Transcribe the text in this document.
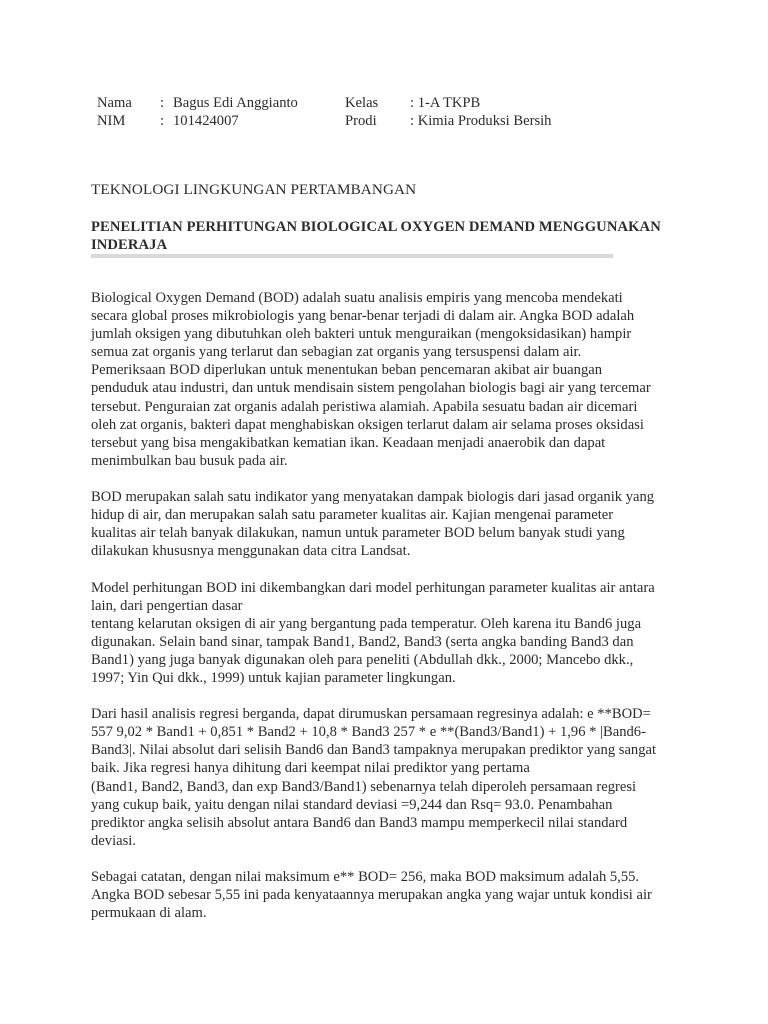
Nama : Bagus Edi Anggianto	Kelas : 1-A TKPB
NIM : 101424007	Prodi : Kimia Produksi Bersih
TEKNOLOGI LINGKUNGAN PERTAMBANGAN
PENELITIAN PERHITUNGAN BIOLOGICAL OXYGEN DEMAND MENGGUNAKAN
INDERAJA

Biological Oxygen Demand (BOD) adalah suatu analisis empiris yang mencoba mendekati
secara global proses mikrobiologis yang benar-benar terjadi di dalam air. Angka BOD adalah
jumlah oksigen yang dibutuhkan oleh bakteri untuk menguraikan (mengoksidasikan) hampir
semua zat organis yang terlarut dan sebagian zat organis yang tersuspensi dalam air.
Pemeriksaan BOD diperlukan untuk menentukan beban pencemaran akibat air buangan
penduduk atau industri, dan untuk mendisain sistem pengolahan biologis bagi air yang tercemar
tersebut. Penguraian zat organis adalah peristiwa alamiah. Apabila sesuatu badan air dicemari
oleh zat organis, bakteri dapat menghabiskan oksigen terlarut dalam air selama proses oksidasi
tersebut yang bisa mengakibatkan kematian ikan. Keadaan menjadi anaerobik dan dapat
menimbulkan bau busuk pada air.

BOD merupakan salah satu indikator yang menyatakan dampak biologis dari jasad organik yang
hidup di air, dan merupakan salah satu parameter kualitas air. Kajian mengenai parameter
kualitas air telah banyak dilakukan, namun untuk parameter BOD belum banyak studi yang
dilakukan khususnya menggunakan data citra Landsat.

Model perhitungan BOD ini dikembangkan dari model perhitungan parameter kualitas air antara
lain, dari pengertian dasar
tentang kelarutan oksigen di air yang bergantung pada temperatur. Oleh karena itu Band6 juga
digunakan. Selain band sinar, tampak Band1, Band2, Band3 (serta angka banding Band3 dan
Band1) yang juga banyak digunakan oleh para peneliti (Abdullah dkk., 2000; Mancebo dkk.,
1997; Yin Qui dkk., 1999) untuk kajian parameter lingkungan.

Dari hasil analisis regresi berganda, dapat dirumuskan persamaan regresinya adalah: e **BOD=
557 9,02 * Band1 + 0,851 * Band2 + 10,8 * Band3 257 * e **(Band3/Band1) + 1,96 * |Band6-
Band3|. Nilai absolut dari selisih Band6 dan Band3 tampaknya merupakan prediktor yang sangat
baik. Jika regresi hanya dihitung dari keempat nilai prediktor yang pertama
(Band1, Band2, Band3, dan exp Band3/Band1) sebenarnya telah diperoleh persamaan regresi
yang cukup baik, yaitu dengan nilai standard deviasi =9,244 dan Rsq= 93.0. Penambahan
prediktor angka selisih absolut antara Band6 dan Band3 mampu memperkecil nilai standard
deviasi.

Sebagai catatan, dengan nilai maksimum e** BOD= 256, maka BOD maksimum adalah 5,55.
Angka BOD sebesar 5,55 ini pada kenyataannya merupakan angka yang wajar untuk kondisi air
permukaan di alam.
